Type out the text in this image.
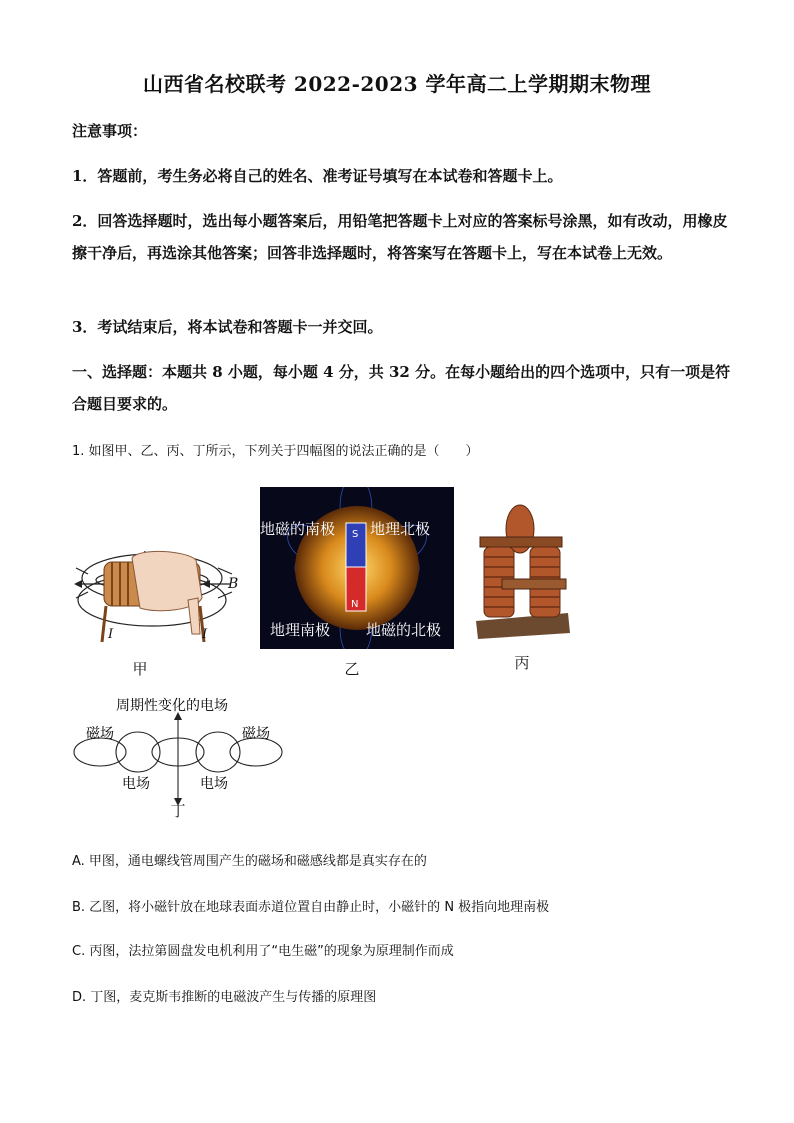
山西省名校联考 2022-2023 学年高二上学期期末物理
注意事项：
1．答题前，考生务必将自己的姓名、准考证号填写在本试卷和答题卡上。
2．回答选择题时，选出每小题答案后，用铅笔把答题卡上对应的答案标号涂黑，如有改动，用橡皮擦干净后，再选涂其他答案；回答非选择题时，将答案写在答题卡上，写在本试卷上无效。
3．考试结束后，将本试卷和答题卡一并交回。
一、选择题：本题共 8 小题，每小题 4 分，共 32 分。在每小题给出的四个选项中，只有一项是符合题目要求的。
1. 如图甲、乙、丙、丁所示，下列关于四幅图的说法正确的是（　　）
B
I	I
甲
S
N
地磁的南极 地理北极
地理南极 地磁的北极
乙	丙
周期性变化的电场
磁场	磁场
电场	电场
丁
A. 甲图，通电螺线管周围产生的磁场和磁感线都是真实存在的
B. 乙图，将小磁针放在地球表面赤道位置自由静止时，小磁针的 N 极指向地理南极
C. 丙图，法拉第圆盘发电机利用了“电生磁”的现象为原理制作而成
D. 丁图，麦克斯韦推断的电磁波产生与传播的原理图
